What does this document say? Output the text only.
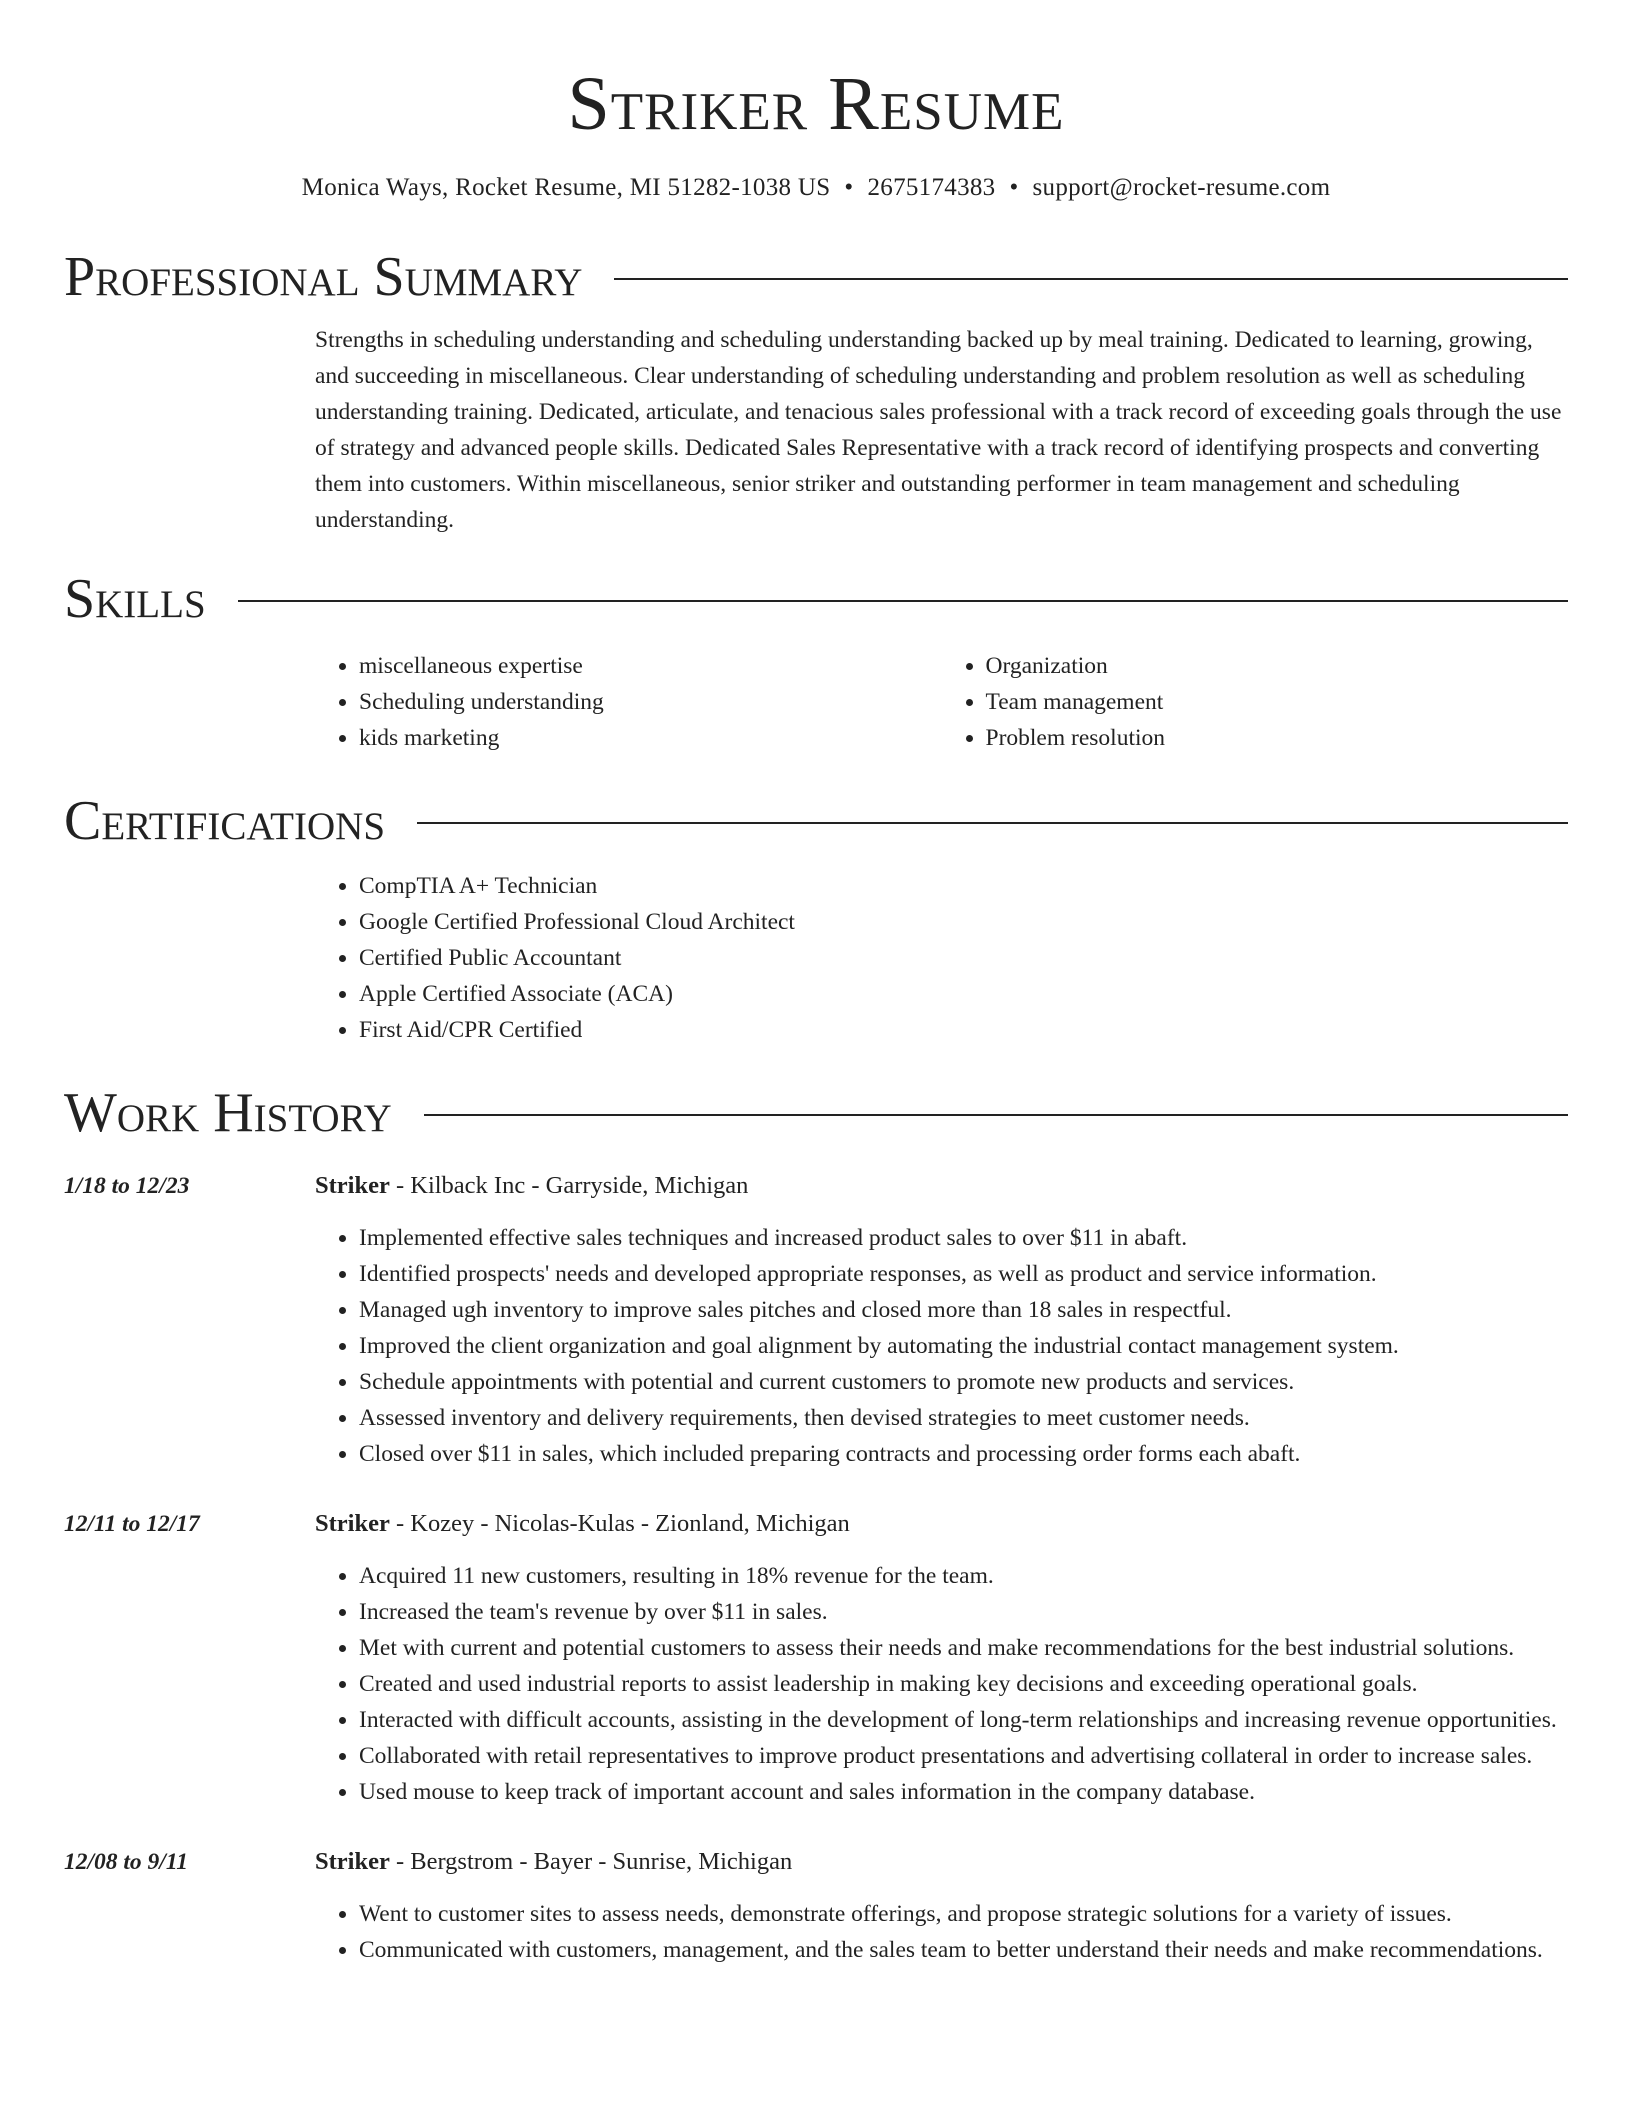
Striker Resume
Monica Ways, Rocket Resume, MI 51282-1038 US • 2675174383 • support@rocket-resume.com
Professional Summary
Strengths in scheduling understanding and scheduling understanding backed up by meal training. Dedicated to learning, growing, and succeeding in miscellaneous. Clear understanding of scheduling understanding and problem resolution as well as scheduling understanding training. Dedicated, articulate, and tenacious sales professional with a track record of exceeding goals through the use of strategy and advanced people skills. Dedicated Sales Representative with a track record of identifying prospects and converting them into customers. Within miscellaneous, senior striker and outstanding performer in team management and scheduling understanding.
Skills
• miscellaneous expertise
• Scheduling understanding
• kids marketing
• Organization
• Team management
• Problem resolution
Certifications
• CompTIA A+ Technician
• Google Certified Professional Cloud Architect
• Certified Public Accountant
• Apple Certified Associate (ACA)
• First Aid/CPR Certified
Work History
1/18 to 12/23	Striker - Kilback Inc - Garryside, Michigan
• Implemented effective sales techniques and increased product sales to over $11 in abaft.
• Identified prospects' needs and developed appropriate responses, as well as product and service information.
• Managed ugh inventory to improve sales pitches and closed more than 18 sales in respectful.
• Improved the client organization and goal alignment by automating the industrial contact management system.
• Schedule appointments with potential and current customers to promote new products and services.
• Assessed inventory and delivery requirements, then devised strategies to meet customer needs.
• Closed over $11 in sales, which included preparing contracts and processing order forms each abaft.
12/11 to 12/17	Striker - Kozey - Nicolas-Kulas - Zionland, Michigan
• Acquired 11 new customers, resulting in 18% revenue for the team.
• Increased the team's revenue by over $11 in sales.
• Met with current and potential customers to assess their needs and make recommendations for the best industrial solutions.
• Created and used industrial reports to assist leadership in making key decisions and exceeding operational goals.
• Interacted with difficult accounts, assisting in the development of long-term relationships and increasing revenue opportunities.
• Collaborated with retail representatives to improve product presentations and advertising collateral in order to increase sales.
• Used mouse to keep track of important account and sales information in the company database.
12/08 to 9/11	Striker - Bergstrom - Bayer - Sunrise, Michigan
• Went to customer sites to assess needs, demonstrate offerings, and propose strategic solutions for a variety of issues.
• Communicated with customers, management, and the sales team to better understand their needs and make recommendations.
